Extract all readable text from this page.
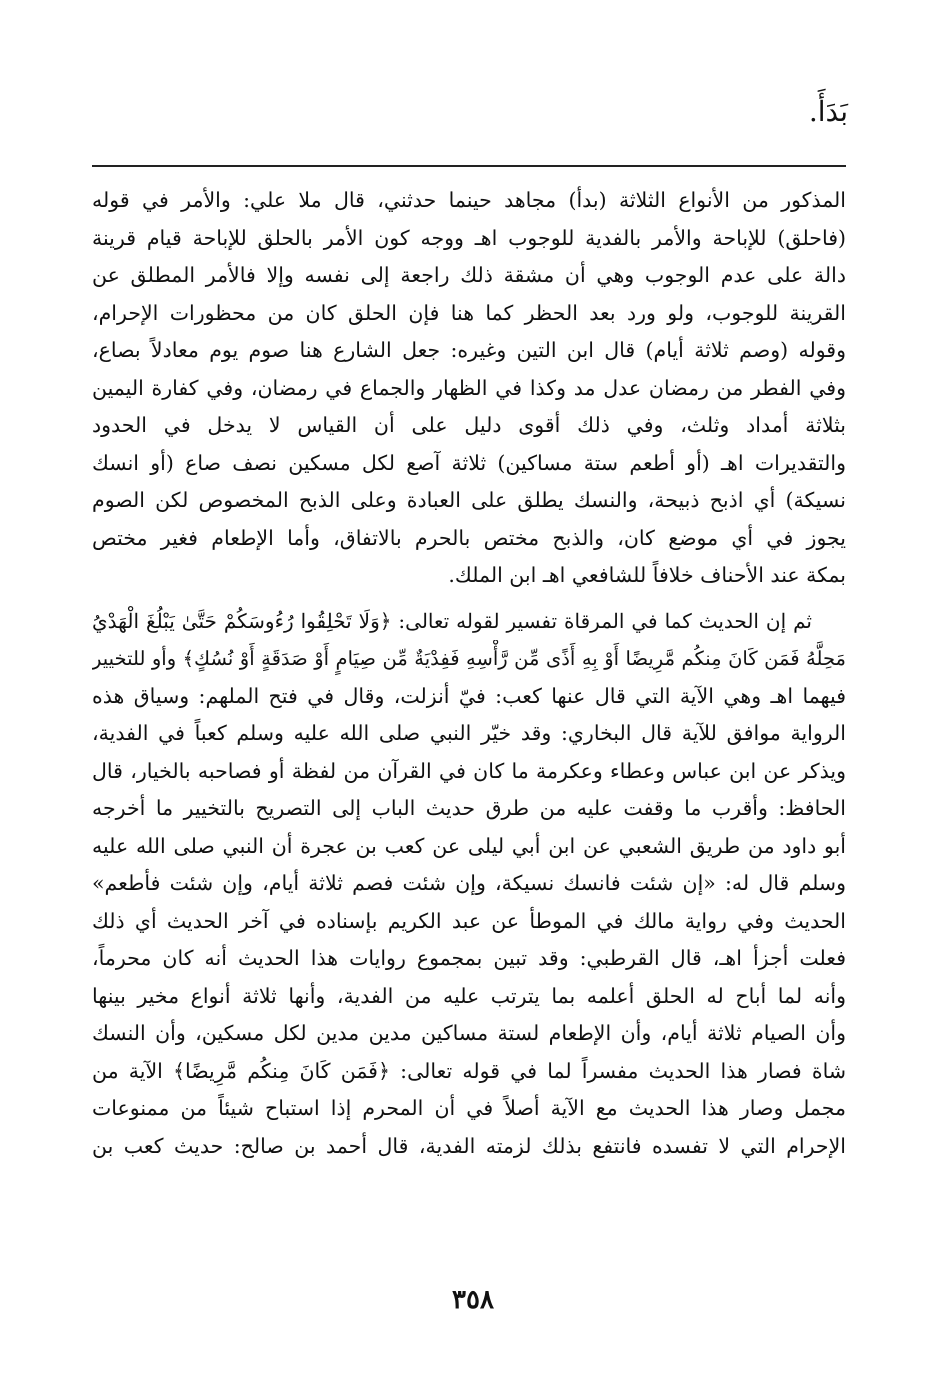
بَدَأَ.
المذكور من الأنواع الثلاثة (بدأ) مجاهد حينما حدثني، قال ملا علي: والأمر في قوله
(فاحلق) للإباحة والأمر بالفدية للوجوب اهـ ووجه كون الأمر بالحلق للإباحة قيام قرينة
دالة على عدم الوجوب وهي أن مشقة ذلك راجعة إلى نفسه وإلا فالأمر المطلق عن
القرينة للوجوب، ولو ورد بعد الحظر كما هنا فإن الحلق كان من محظورات الإحرام،
وقوله (وصم ثلاثة أيام) قال ابن التين وغيره: جعل الشارع هنا صوم يوم معادلاً بصاع،
وفي الفطر من رمضان عدل مد وكذا في الظهار والجماع في رمضان، وفي كفارة اليمين
بثلاثة أمداد وثلث، وفي ذلك أقوى دليل على أن القياس لا يدخل في الحدود
والتقديرات اهـ (أو أطعم ستة مساكين) ثلاثة آصع لكل مسكين نصف صاع (أو انسك
نسيكة) أي اذبح ذبيحة، والنسك يطلق على العبادة وعلى الذبح المخصوص لكن الصوم
يجوز في أي موضع كان، والذبح مختص بالحرم بالاتفاق، وأما الإطعام فغير مختص
بمكة عند الأحناف خلافاً للشافعي اهـ ابن الملك.
ثم إن الحديث كما في المرقاة تفسير لقوله تعالى: ﴿وَلَا تَحْلِقُوا رُءُوسَكُمْ حَتَّىٰ يَبْلُغَ الْهَدْيُ
مَحِلَّهُ فَمَن كَانَ مِنكُم مَّرِيضًا أَوْ بِهِ أَذًى مِّن رَّأْسِهِ فَفِدْيَةٌ مِّن صِيَامٍ أَوْ صَدَقَةٍ أَوْ نُسُكٍ﴾ وأو للتخيير
فيهما اهـ وهي الآية التي قال عنها كعب: فيّ أنزلت، وقال في فتح الملهم: وسياق هذه
الرواية موافق للآية قال البخاري: وقد خيّر النبي صلى الله عليه وسلم كعباً في الفدية،
ويذكر عن ابن عباس وعطاء وعكرمة ما كان في القرآن من لفظة أو فصاحبه بالخيار، قال
الحافظ: وأقرب ما وقفت عليه من طرق حديث الباب إلى التصريح بالتخيير ما أخرجه
أبو داود من طريق الشعبي عن ابن أبي ليلى عن كعب بن عجرة أن النبي صلى الله عليه
وسلم قال له: «إن شئت فانسك نسيكة، وإن شئت فصم ثلاثة أيام، وإن شئت فأطعم»
الحديث وفي رواية مالك في الموطأ عن عبد الكريم بإسناده في آخر الحديث أي ذلك
فعلت أجزأ اهـ، قال القرطبي: وقد تبين بمجموع روايات هذا الحديث أنه كان محرماً،
وأنه لما أباح له الحلق أعلمه بما يترتب عليه من الفدية، وأنها ثلاثة أنواع مخير بينها
وأن الصيام ثلاثة أيام، وأن الإطعام لستة مساكين مدين مدين لكل مسكين، وأن النسك
شاة فصار هذا الحديث مفسراً لما في قوله تعالى: ﴿فَمَن كَانَ مِنكُم مَّرِيضًا﴾ الآية من
مجمل وصار هذا الحديث مع الآية أصلاً في أن المحرم إذا استباح شيئاً من ممنوعات
الإحرام التي لا تفسده فانتفع بذلك لزمته الفدية، قال أحمد بن صالح: حديث كعب بن
٣٥٨
